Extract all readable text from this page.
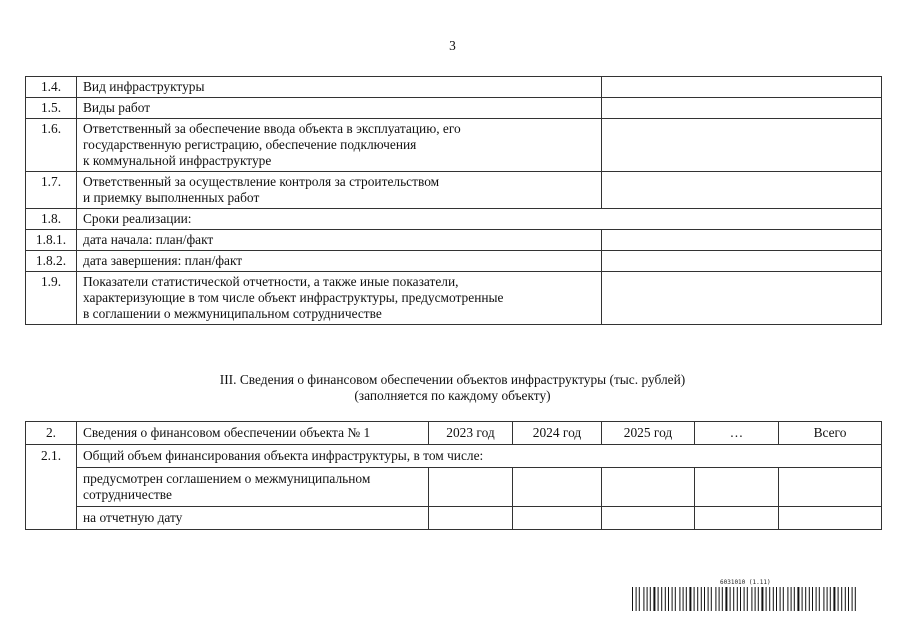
3
1.4.	Вид инфраструктуры	
1.5.	Виды работ	
1.6.	Ответственный за обеспечение ввода объекта в эксплуатацию, его
государственную регистрацию, обеспечение подключения
к коммунальной инфраструктуре	
1.7.	Ответственный за осуществление контроля за строительством
и приемку выполненных работ	
1.8.	Сроки реализации:	
1.8.1.	дата начала: план/факт	
1.8.2.	дата завершения: план/факт	
1.9.	Показатели статистической отчетности, а также иные показатели,
характеризующие в том числе объект инфраструктуры, предусмотренные
в соглашении о межмуниципальном сотрудничестве	
III. Сведения о финансовом обеспечении объектов инфраструктуры (тыс. рублей)
(заполняется по каждому объекту)
2.	Сведения о финансовом обеспечении объекта № 1	2023 год	2024 год	2025 год	…	Всего
2.1.	Общий объем финансирования объекта инфраструктуры, в том числе:					
	предусмотрен соглашением о межмуниципальном
сотрудничестве					
	на отчетную дату					
6031010 (1.11)
